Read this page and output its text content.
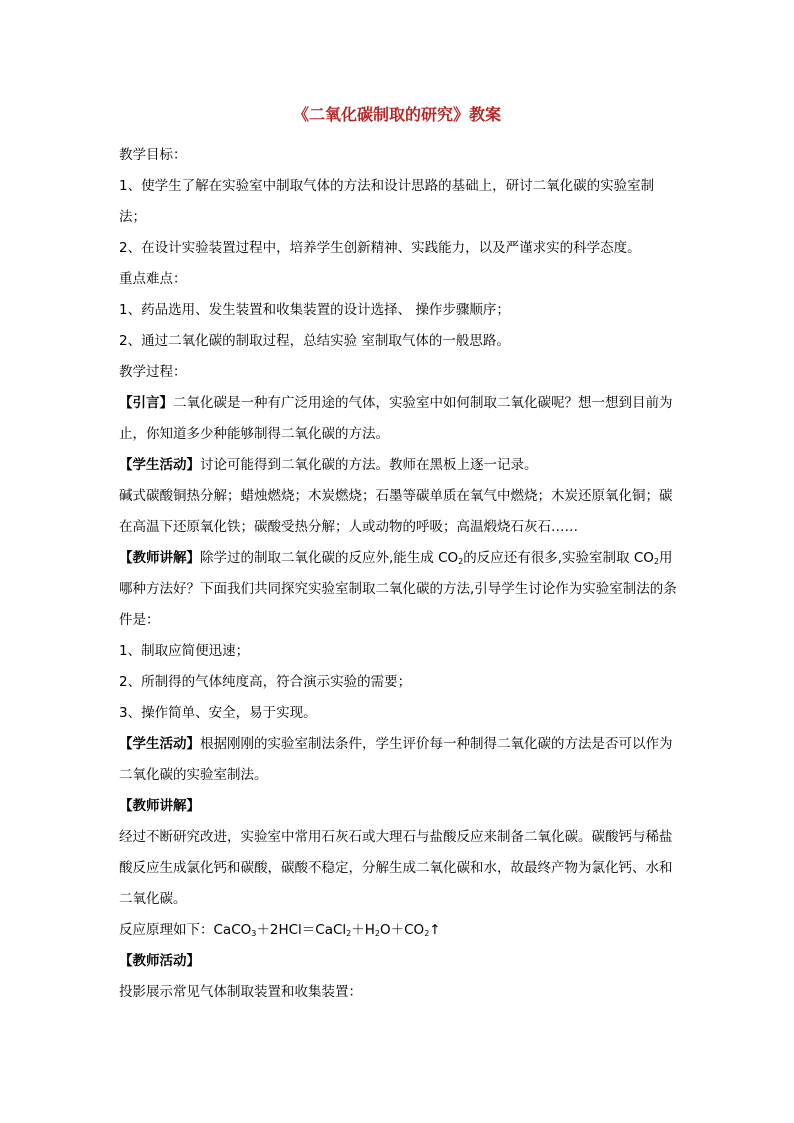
《二氧化碳制取的研究》教案

教学目标：

1、使学生了解在实验室中制取气体的方法和设计思路的基础上，研讨二氧化碳的实验室制法；

2、在设计实验装置过程中，培养学生创新精神、实践能力，以及严谨求实的科学态度。

重点难点：

1、药品选用、发生装置和收集装置的设计选择、 操作步骤顺序；

2、通过二氧化碳的制取过程，总结实验 室制取气体的一般思路。

教学过程：

【引言】二氧化碳是一种有广泛用途的气体，实验室中如何制取二氧化碳呢？想一想到目前为止，你知道多少种能够制得二氧化碳的方法。

【学生活动】讨论可能得到二氧化碳的方法。教师在黑板上逐一记录。

碱式碳酸铜热分解；蜡烛燃烧；木炭燃烧；石墨等碳单质在氧气中燃烧；木炭还原氧化铜；碳在高温下还原氧化铁；碳酸受热分解；人或动物的呼吸；高温煅烧石灰石……

【教师讲解】除学过的制取二氧化碳的反应外,能生成 $CO_2$的反应还有很多,实验室制取 $CO_2$用哪种方法好？下面我们共同探究实验室制取二氧化碳的方法,引导学生讨论作为实验室制法的条件是：

1、制取应简便迅速；

2、所制得的气体纯度高，符合演示实验的需要；

3、操作简单、安全，易于实现。

【学生活动】根据刚刚的实验室制法条件，学生评价每一种制得二氧化碳的方法是否可以作为二氧化碳的实验室制法。

【教师讲解】

经过不断研究改进，实验室中常用石灰石或大理石与盐酸反应来制备二氧化碳。碳酸钙与稀盐酸反应生成氯化钙和碳酸，碳酸不稳定，分解生成二氧化碳和水，故最终产物为氯化钙、水和二氧化碳。

反应原理如下：$CaCO_3+2HCl=CaCl_2+H_2O+CO_2↑$

【教师活动】

投影展示常见气体制取装置和收集装置：
